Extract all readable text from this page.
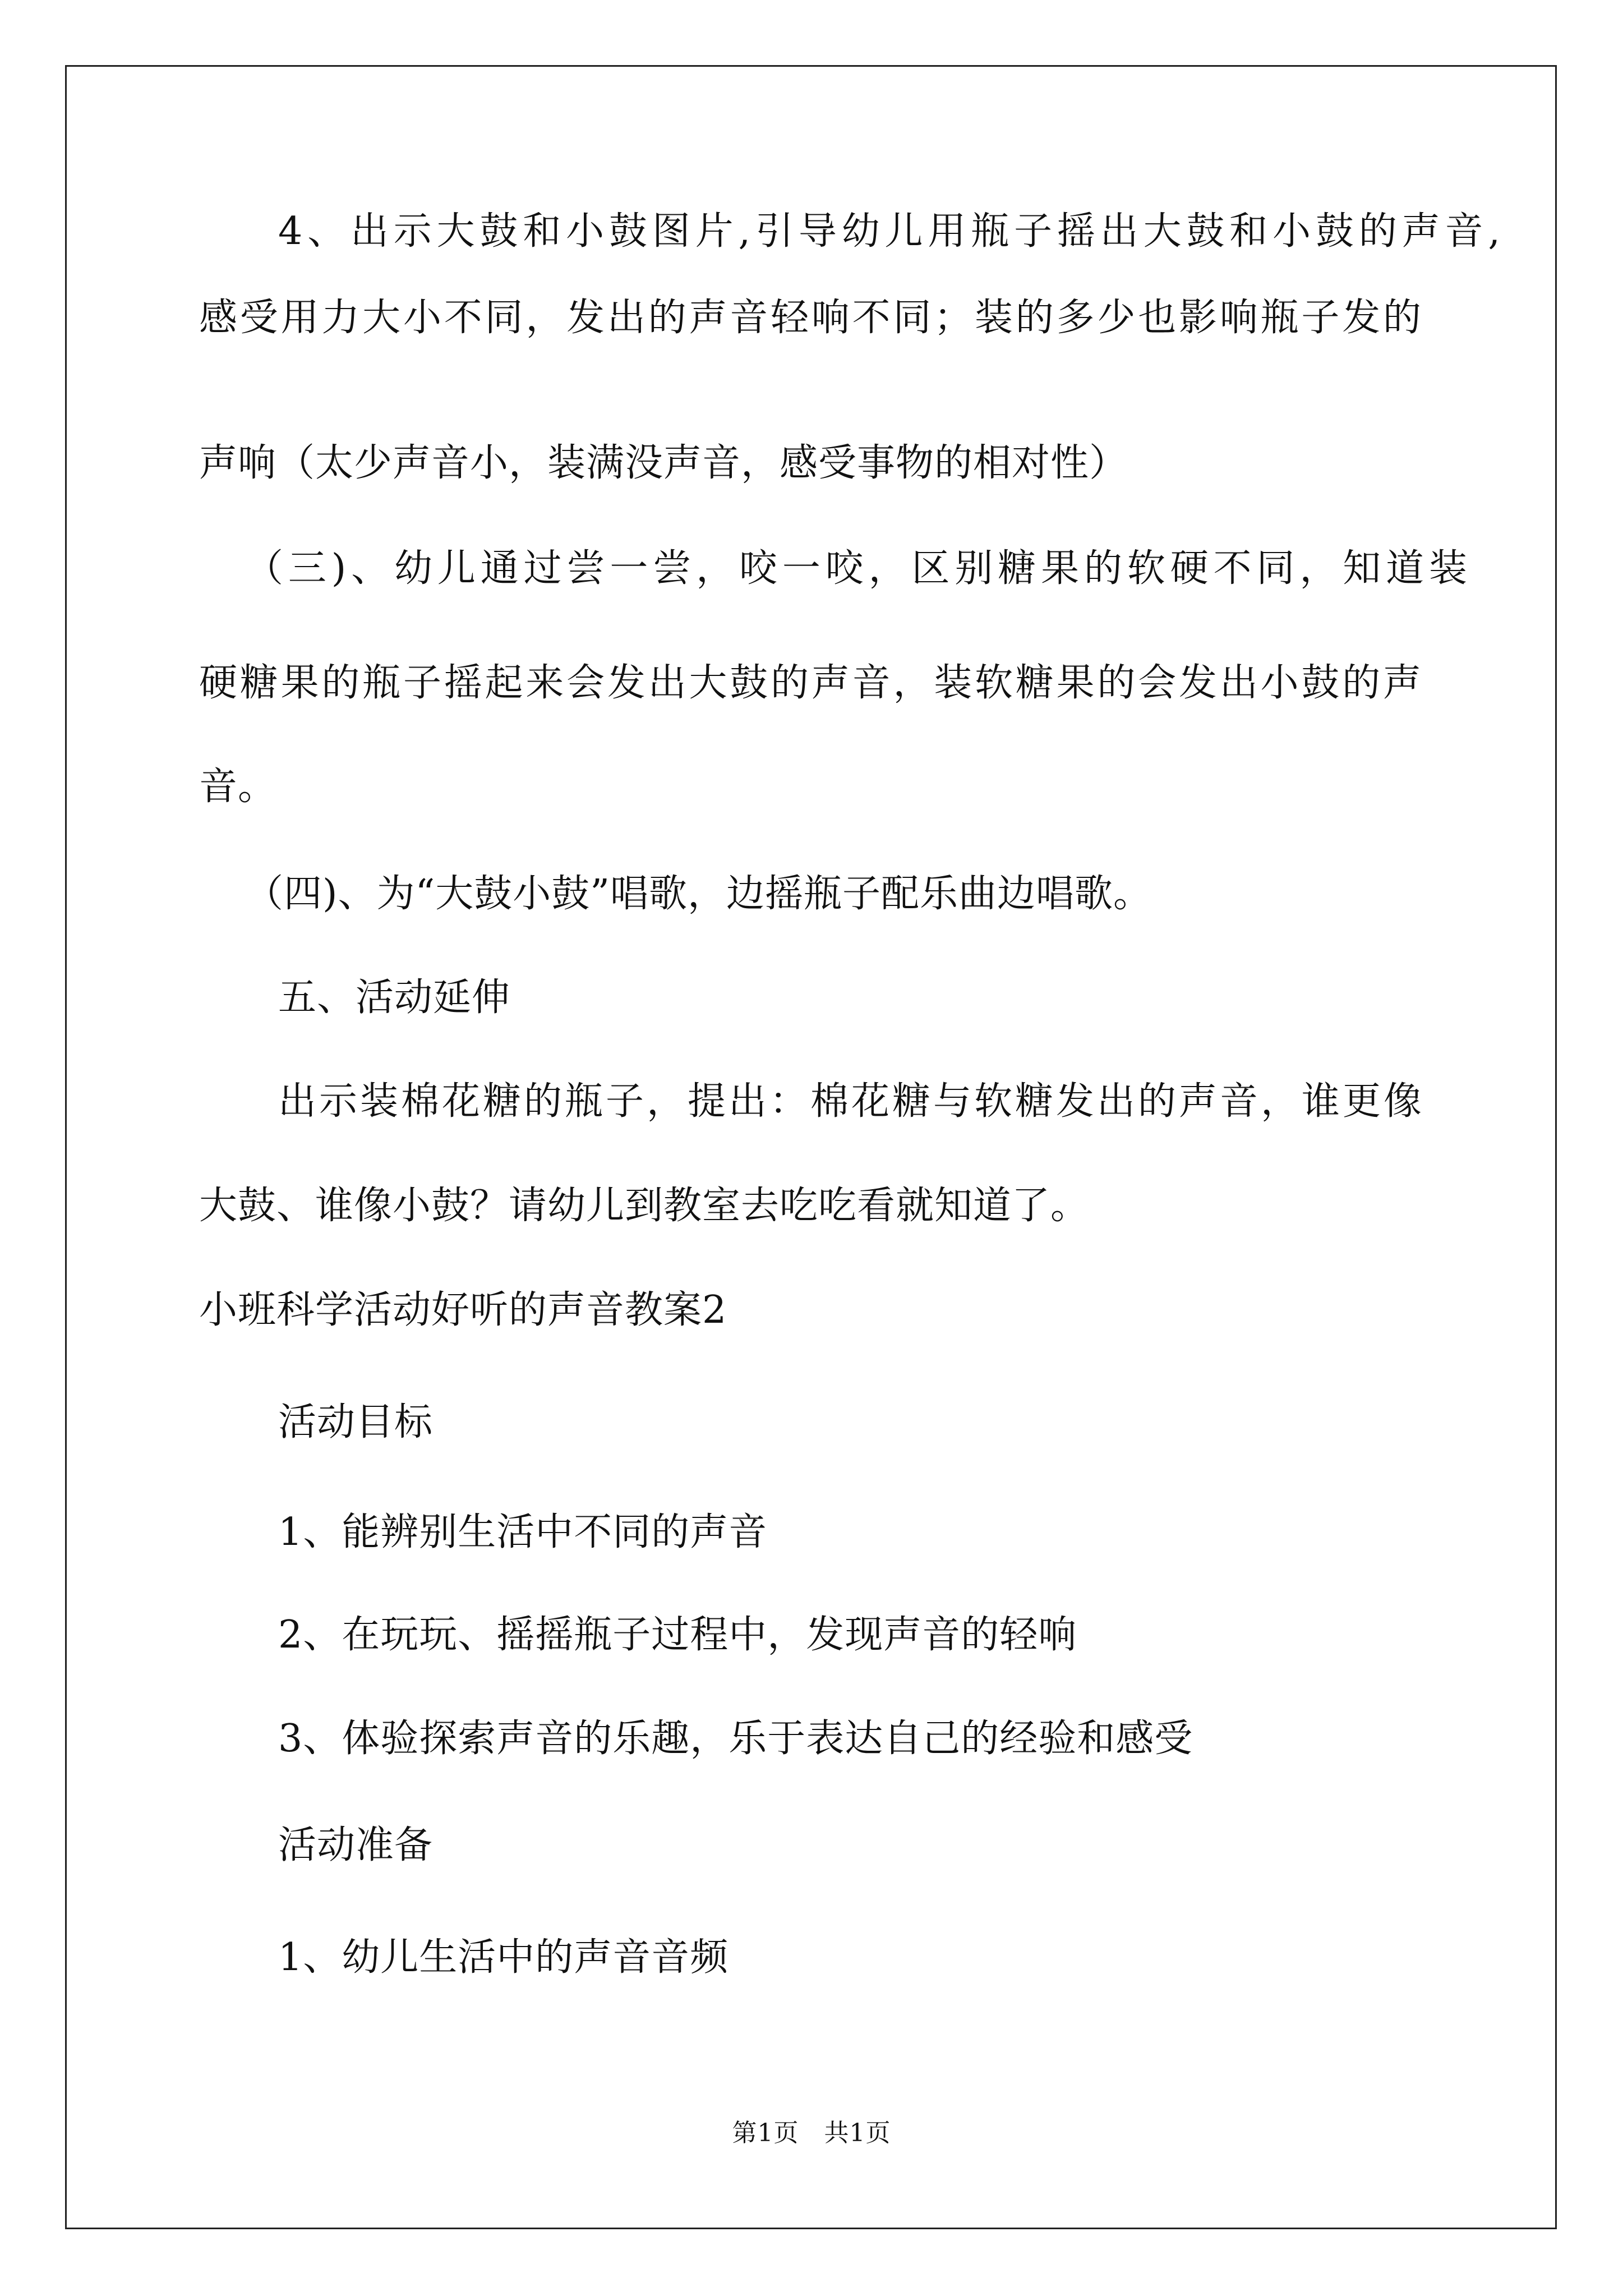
4、出示大鼓和小鼓图片,引导幼儿用瓶子摇出大鼓和小鼓的声音,
感受用力大小不同，发出的声音轻响不同；装的多少也影响瓶子发的
声响（太少声音小，装满没声音，感受事物的相对性）
（三)、幼儿通过尝一尝，咬一咬，区别糖果的软硬不同，知道装
硬糖果的瓶子摇起来会发出大鼓的声音，装软糖果的会发出小鼓的声
音。
（四)、为“大鼓小鼓”唱歌，边摇瓶子配乐曲边唱歌。
五、活动延伸
出示装棉花糖的瓶子，提出：棉花糖与软糖发出的声音，谁更像
大鼓、谁像小鼓？请幼儿到教室去吃吃看就知道了。
小班科学活动好听的声音教案2
活动目标
1、能辨别生活中不同的声音
2、在玩玩、摇摇瓶子过程中，发现声音的轻响
3、体验探索声音的乐趣，乐于表达自己的经验和感受
活动准备
1、幼儿生活中的声音音频
第1页　共1页
